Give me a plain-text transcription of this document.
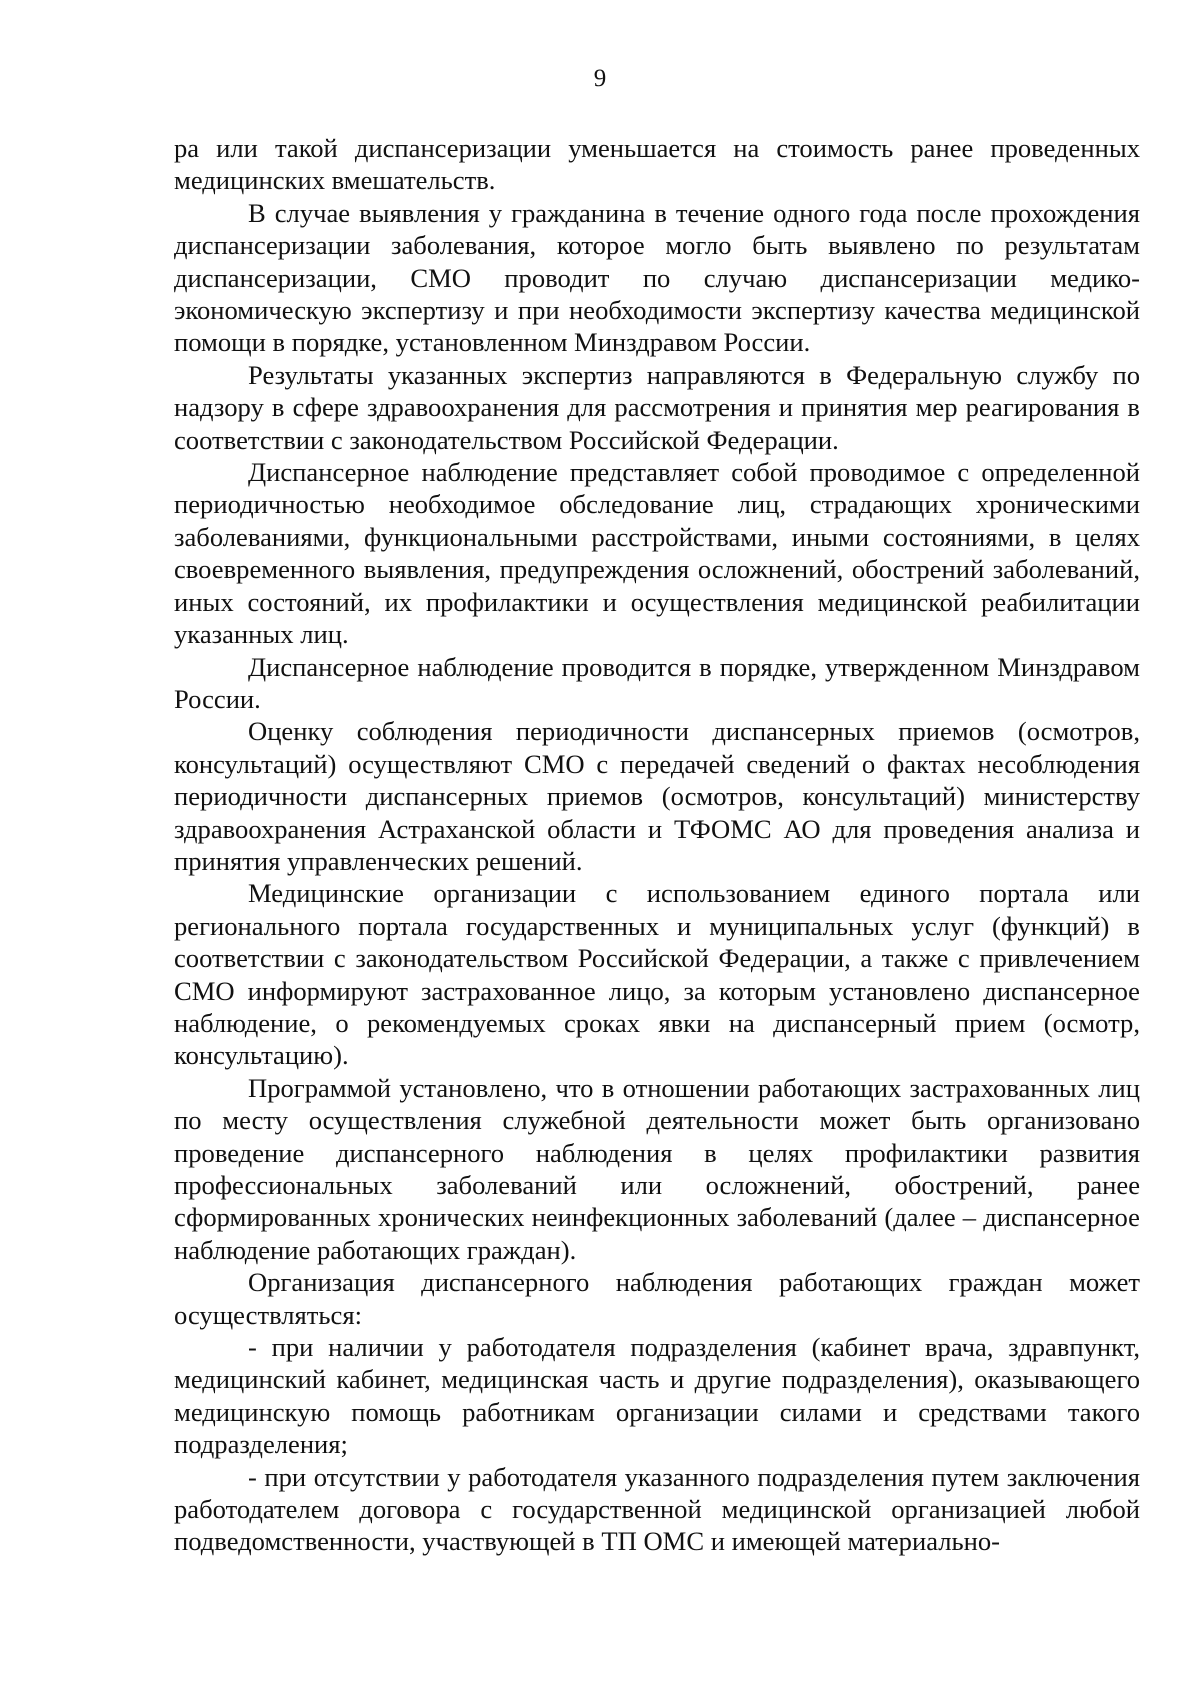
9

ра или такой диспансеризации уменьшается на стоимость ранее проведенных медицинских вмешательств.

В случае выявления у гражданина в течение одного года после прохождения диспансеризации заболевания, которое могло быть выявлено по результатам диспансеризации, СМО проводит по случаю диспансеризации медико-экономическую экспертизу и при необходимости экспертизу качества медицинской помощи в порядке, установленном Минздравом России.

Результаты указанных экспертиз направляются в Федеральную службу по надзору в сфере здравоохранения для рассмотрения и принятия мер реагирования в соответствии с законодательством Российской Федерации.

Диспансерное наблюдение представляет собой проводимое с определенной периодичностью необходимое обследование лиц, страдающих хроническими заболеваниями, функциональными расстройствами, иными состояниями, в целях своевременного выявления, предупреждения осложнений, обострений заболеваний, иных состояний, их профилактики и осуществления медицинской реабилитации указанных лиц.

Диспансерное наблюдение проводится в порядке, утвержденном Минздравом России.

Оценку соблюдения периодичности диспансерных приемов (осмотров, консультаций) осуществляют СМО с передачей сведений о фактах несоблюдения периодичности диспансерных приемов (осмотров, консультаций) министерству здравоохранения Астраханской области и ТФОМС АО для проведения анализа и принятия управленческих решений.

Медицинские организации с использованием единого портала или регионального портала государственных и муниципальных услуг (функций) в соответствии с законодательством Российской Федерации, а также с привлечением СМО информируют застрахованное лицо, за которым установлено диспансерное наблюдение, о рекомендуемых сроках явки на диспансерный прием (осмотр, консультацию).

Программой установлено, что в отношении работающих застрахованных лиц по месту осуществления служебной деятельности может быть организовано проведение диспансерного наблюдения в целях профилактики развития профессиональных заболеваний или осложнений, обострений, ранее сформированных хронических неинфекционных заболеваний (далее – диспансерное наблюдение работающих граждан).

Организация диспансерного наблюдения работающих граждан может осуществляться:

- при наличии у работодателя подразделения (кабинет врача, здравпункт, медицинский кабинет, медицинская часть и другие подразделения), оказывающего медицинскую помощь работникам организации силами и средствами такого подразделения;

- при отсутствии у работодателя указанного подразделения путем заключения работодателем договора с государственной медицинской организацией любой подведомственности, участвующей в ТП ОМС и имеющей материально-
